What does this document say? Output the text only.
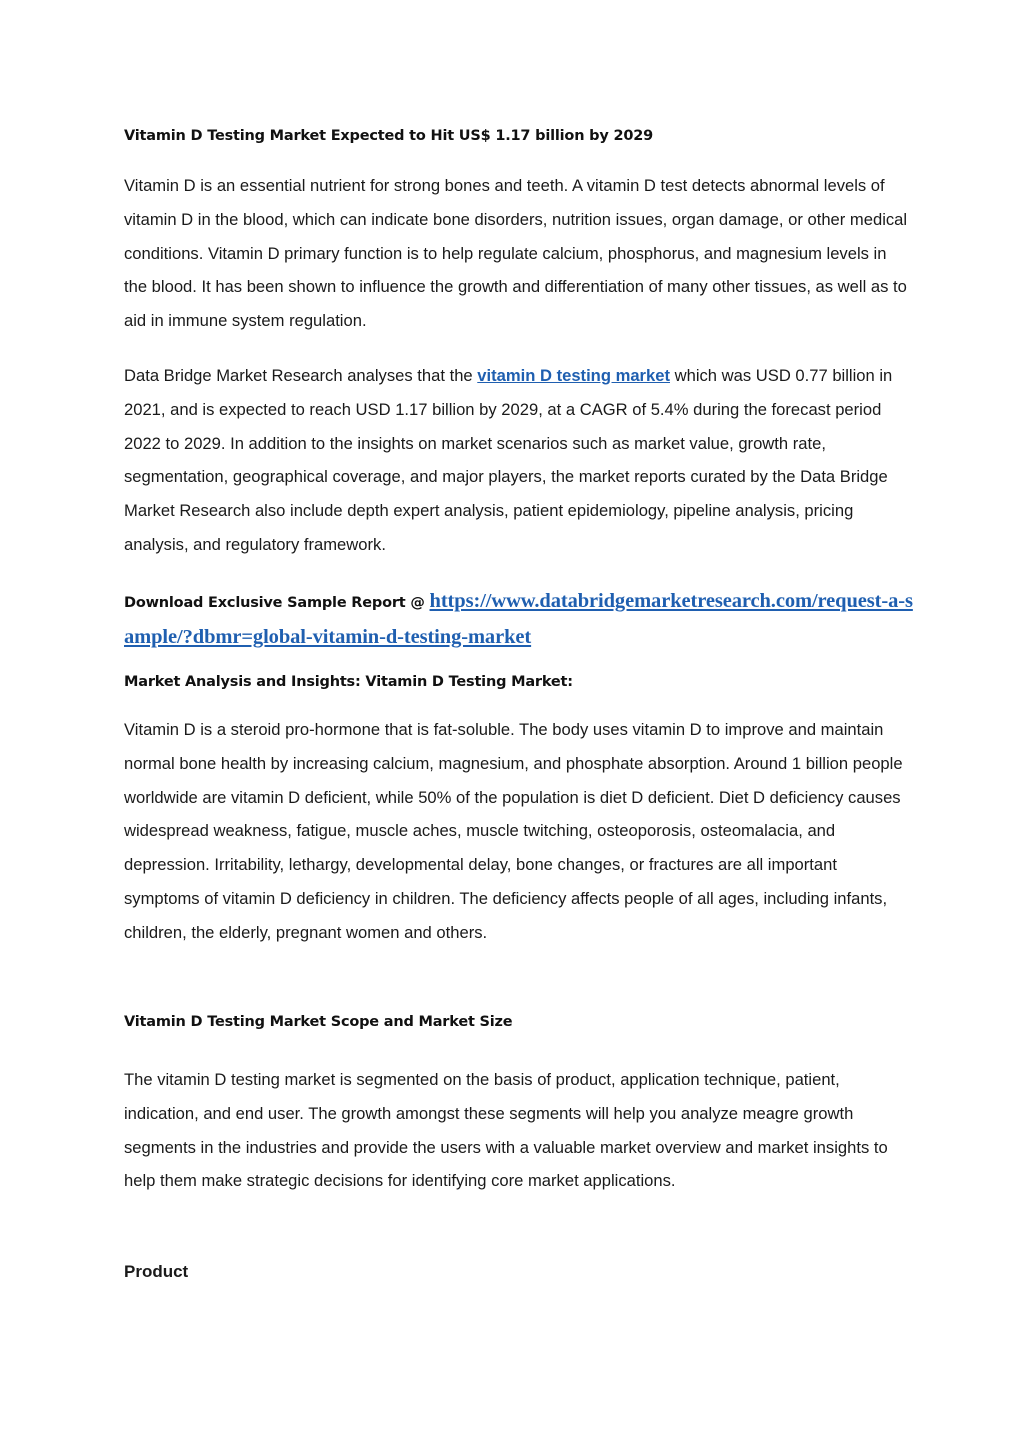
Vitamin D Testing Market Expected to Hit US$ 1.17 billion by 2029

Vitamin D is an essential nutrient for strong bones and teeth. A vitamin D test detects abnormal levels of vitamin D in the blood, which can indicate bone disorders, nutrition issues, organ damage, or other medical conditions. Vitamin D primary function is to help regulate calcium, phosphorus, and magnesium levels in the blood. It has been shown to influence the growth and differentiation of many other tissues, as well as to aid in immune system regulation.

Data Bridge Market Research analyses that the vitamin D testing market which was USD 0.77 billion in 2021, and is expected to reach USD 1.17 billion by 2029, at a CAGR of 5.4% during the forecast period 2022 to 2029. In addition to the insights on market scenarios such as market value, growth rate, segmentation, geographical coverage, and major players, the market reports curated by the Data Bridge Market Research also include depth expert analysis, patient epidemiology, pipeline analysis, pricing analysis, and regulatory framework.

Download Exclusive Sample Report @ https://www.databridgemarketresearch.com/request-a-sample/?dbmr=global-vitamin-d-testing-market

Market Analysis and Insights: Vitamin D Testing Market:

Vitamin D is a steroid pro-hormone that is fat-soluble. The body uses vitamin D to improve and maintain normal bone health by increasing calcium, magnesium, and phosphate absorption. Around 1 billion people worldwide are vitamin D deficient, while 50% of the population is diet D deficient. Diet D deficiency causes widespread weakness, fatigue, muscle aches, muscle twitching, osteoporosis, osteomalacia, and depression. Irritability, lethargy, developmental delay, bone changes, or fractures are all important symptoms of vitamin D deficiency in children. The deficiency affects people of all ages, including infants, children, the elderly, pregnant women and others.

Vitamin D Testing Market Scope and Market Size

The vitamin D testing market is segmented on the basis of product, application technique, patient, indication, and end user. The growth amongst these segments will help you analyze meagre growth segments in the industries and provide the users with a valuable market overview and market insights to help them make strategic decisions for identifying core market applications.

Product
